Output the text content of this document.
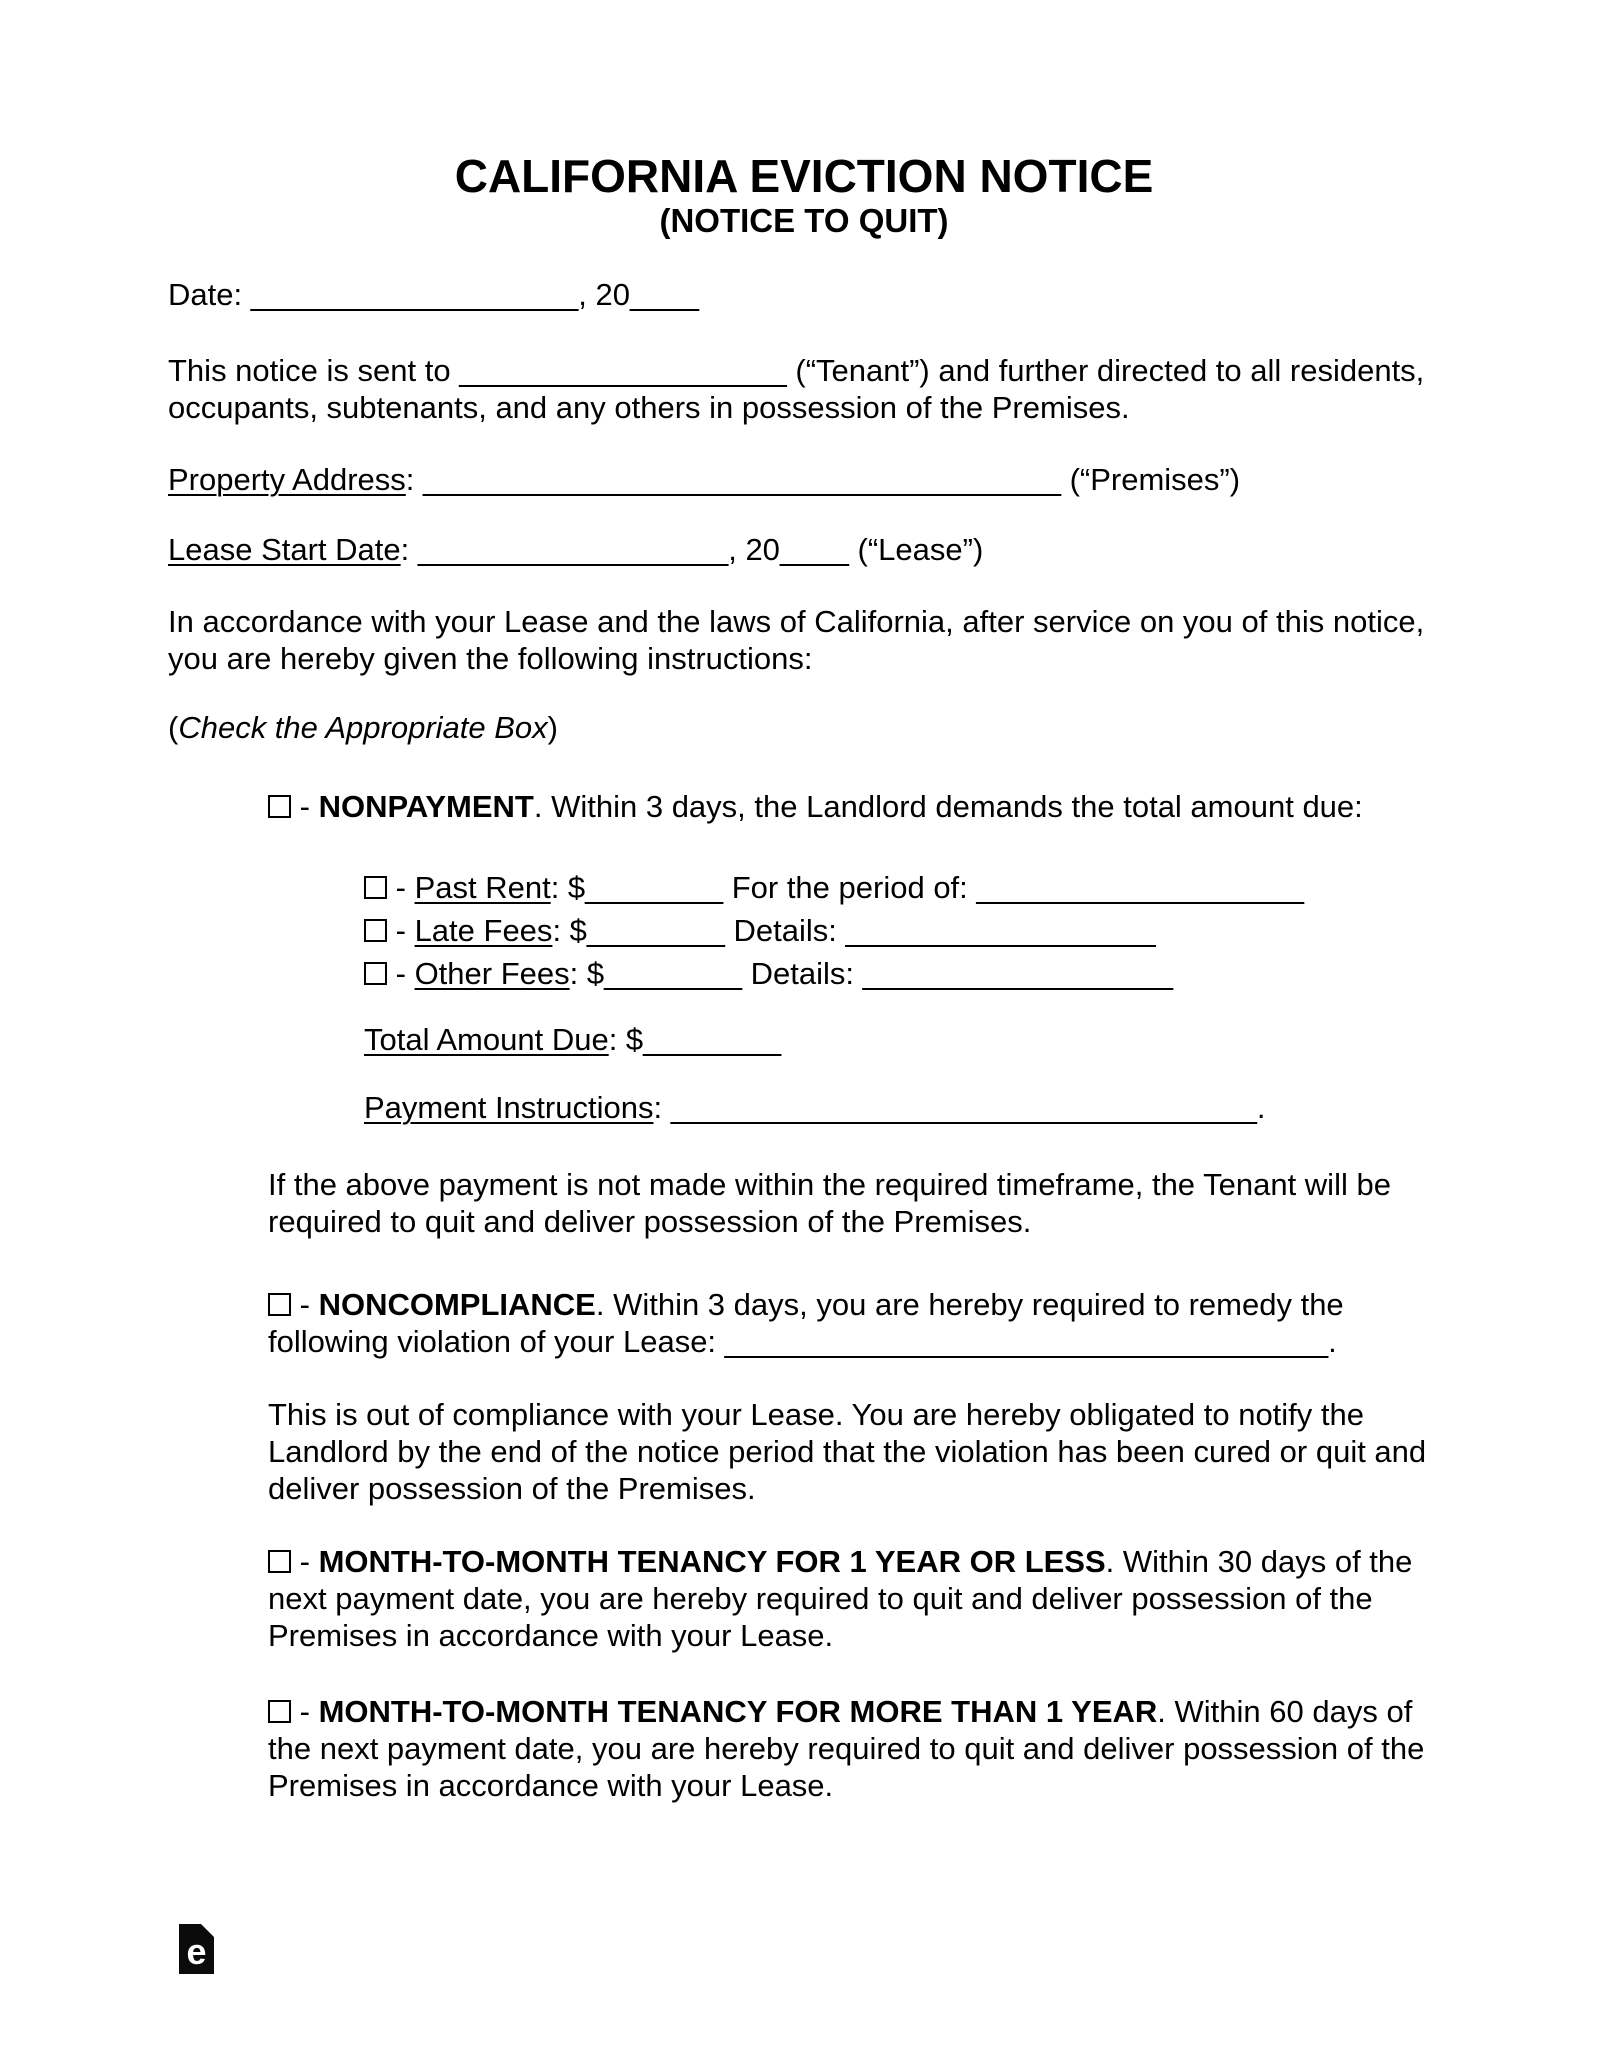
CALIFORNIA EVICTION NOTICE
(NOTICE TO QUIT)

Date: ___________________, 20____

This notice is sent to ___________________ (“Tenant”) and further directed to all residents, occupants, subtenants, and any others in possession of the Premises.

Property Address: _____________________________________ (“Premises”)

Lease Start Date: __________________, 20____ (“Lease”)

In accordance with your Lease and the laws of California, after service on you of this notice, you are hereby given the following instructions:

(Check the Appropriate Box)

- NONPAYMENT. Within 3 days, the Landlord demands the total amount due:

- Past Rent: $________ For the period of: ___________________

- Late Fees: $________ Details: __________________

- Other Fees: $________ Details: __________________

Total Amount Due: $________

Payment Instructions: __________________________________.

If the above payment is not made within the required timeframe, the Tenant will be required to quit and deliver possession of the Premises.

- NONCOMPLIANCE. Within 3 days, you are hereby required to remedy the following violation of your Lease: ___________________________________.

This is out of compliance with your Lease. You are hereby obligated to notify the Landlord by the end of the notice period that the violation has been cured or quit and deliver possession of the Premises.

- MONTH-TO-MONTH TENANCY FOR 1 YEAR OR LESS. Within 30 days of the next payment date, you are hereby required to quit and deliver possession of the Premises in accordance with your Lease.

- MONTH-TO-MONTH TENANCY FOR MORE THAN 1 YEAR. Within 60 days of the next payment date, you are hereby required to quit and deliver possession of the Premises in accordance with your Lease.

e
